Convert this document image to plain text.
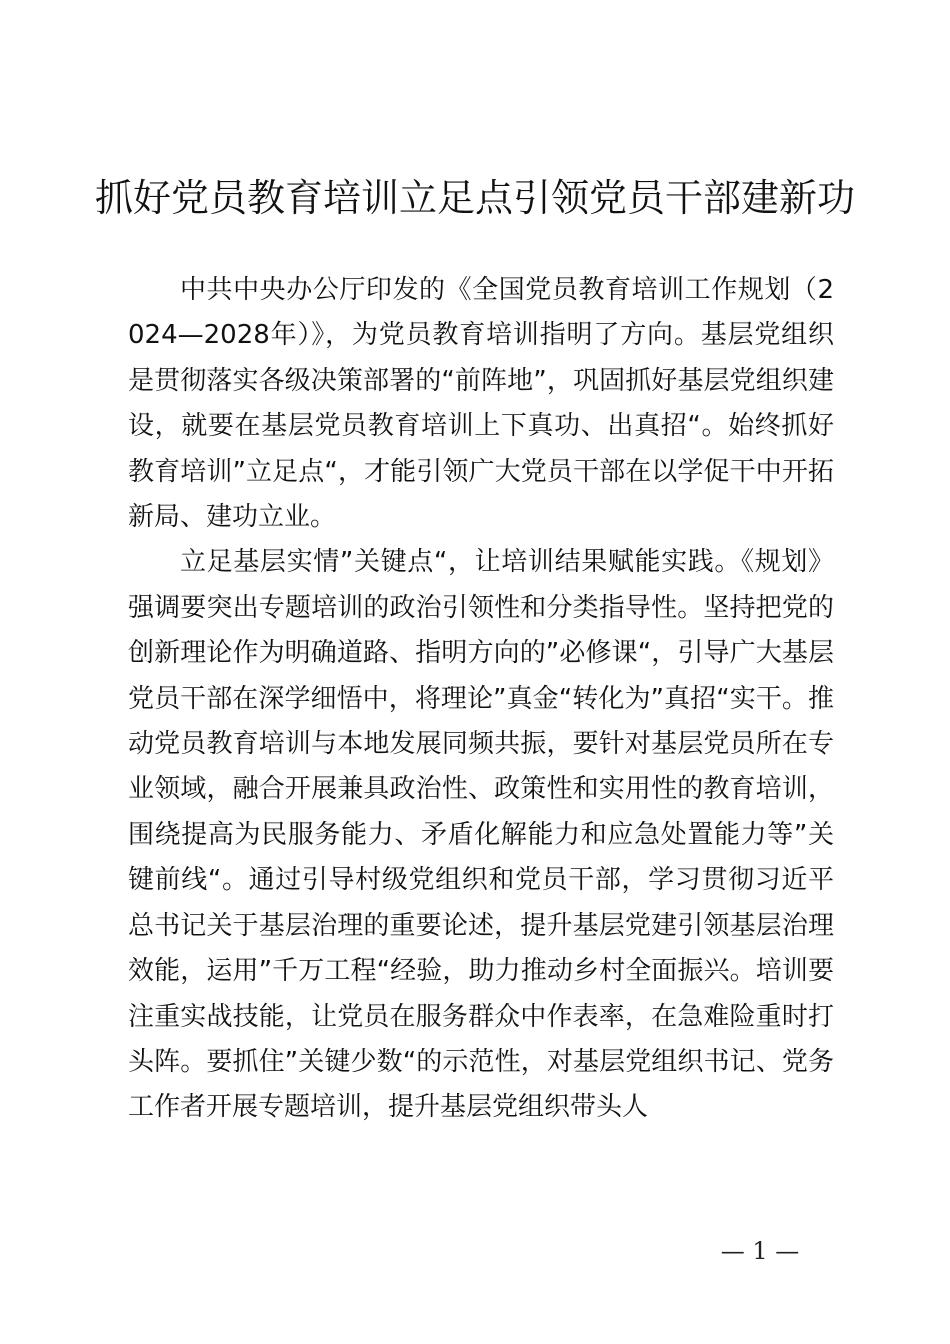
抓好党员教育培训立足点引领党员干部建新功

中共中央办公厅印发的《全国党员教育培训工作规划（2024—2028年）》，为党员教育培训指明了方向。基层党组织是贯彻落实各级决策部署的“前阵地”，巩固抓好基层党组织建设，就要在基层党员教育培训上下真功、出真招“。始终抓好教育培训”立足点“，才能引领广大党员干部在以学促干中开拓新局、建功立业。

立足基层实情”关键点“，让培训结果赋能实践。《规划》强调要突出专题培训的政治引领性和分类指导性。坚持把党的创新理论作为明确道路、指明方向的”必修课“，引导广大基层党员干部在深学细悟中，将理论”真金“转化为”真招“实干。推动党员教育培训与本地发展同频共振，要针对基层党员所在专业领域，融合开展兼具政治性、政策性和实用性的教育培训，围绕提高为民服务能力、矛盾化解能力和应急处置能力等”关键前线“。通过引导村级党组织和党员干部，学习贯彻习近平总书记关于基层治理的重要论述，提升基层党建引领基层治理效能，运用”千万工程“经验，助力推动乡村全面振兴。培训要注重实战技能，让党员在服务群众中作表率，在急难险重时打头阵。要抓住”关键少数“的示范性，对基层党组织书记、党务工作者开展专题培训，提升基层党组织带头人

— 1 —
